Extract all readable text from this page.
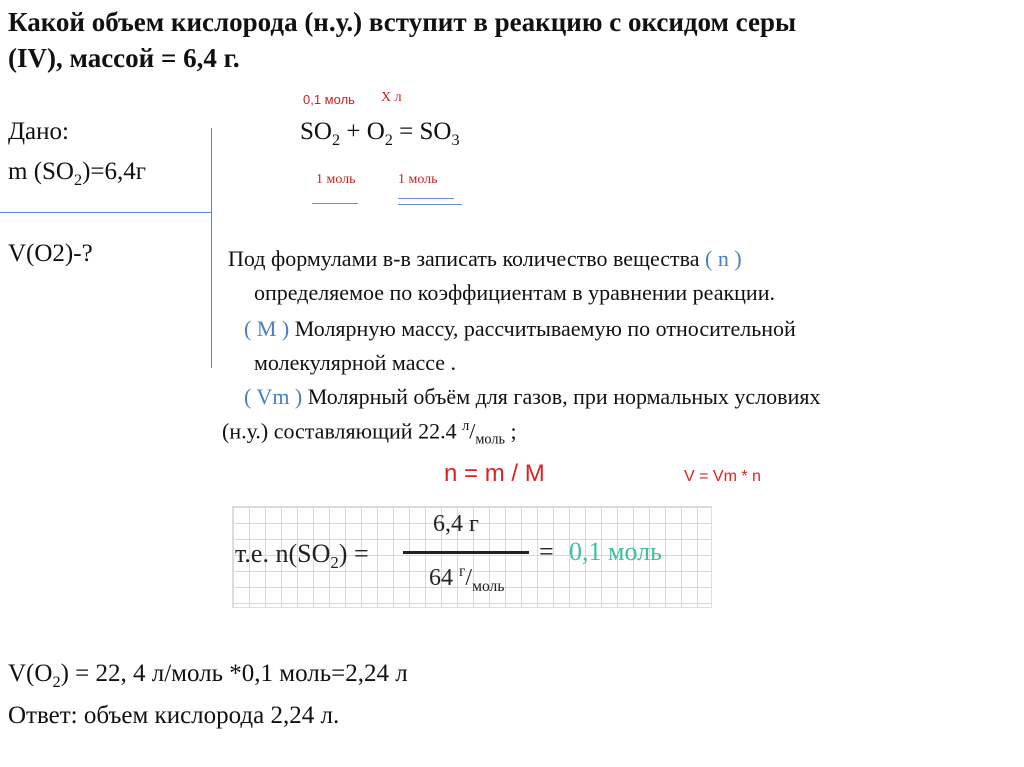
Какой объем кислорода (н.у.) вступит в реакцию с оксидом серы
(IV), массой = 6,4 г.
0,1 моль Х л
Дано:
m $(SO_2)=6,4г$
$SO_2 + O_2 = SO_3$
1 моль	1 моль
V(O2)-?	Под формулами в-в записать количество вещества ( n )
определяемое по коэффициентам в уравнении реакции.
( M ) Молярную массу, рассчитываемую по относительной
молекулярной массе .
( Vm ) Молярный объём для газов, при нормальных условиях
(н.у.) составляющий 22.4 $^л/_{моль}$ ;
n = m / M	V = Vm * n
т.е. $n(SO_2)$ =
6,4 г
64 $^г/_{моль}$
= 0,1 моль
$V(O_2) = 22$, 4 л/моль *0,1 моль=2,24 л
Ответ: объем кислорода 2,24 л.
